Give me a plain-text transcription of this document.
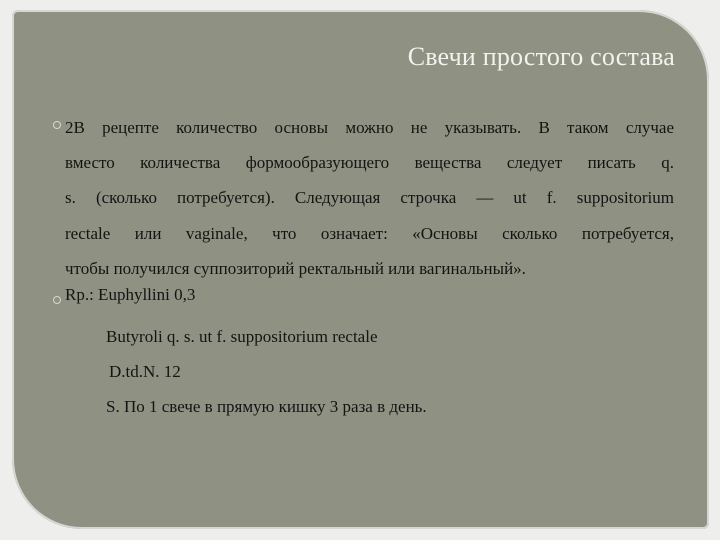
Свечи простого состава
2В рецепте количество основы можно не указывать. В таком случае
вместо количества формообразующего вещества следует писать q.
s. (сколько потребуется). Следующая строчка — ut f. suppositorium
rectale или vaginale, что означает: «Основы сколько потребуется,
чтобы получился суппозиторий ректальный или вагинальный».
Rp.: Euphyllini 0,3
Butyroli q. s. ut f. suppositorium rectale
D.td.N. 12
S. По 1 свече в прямую кишку 3 раза в день.
